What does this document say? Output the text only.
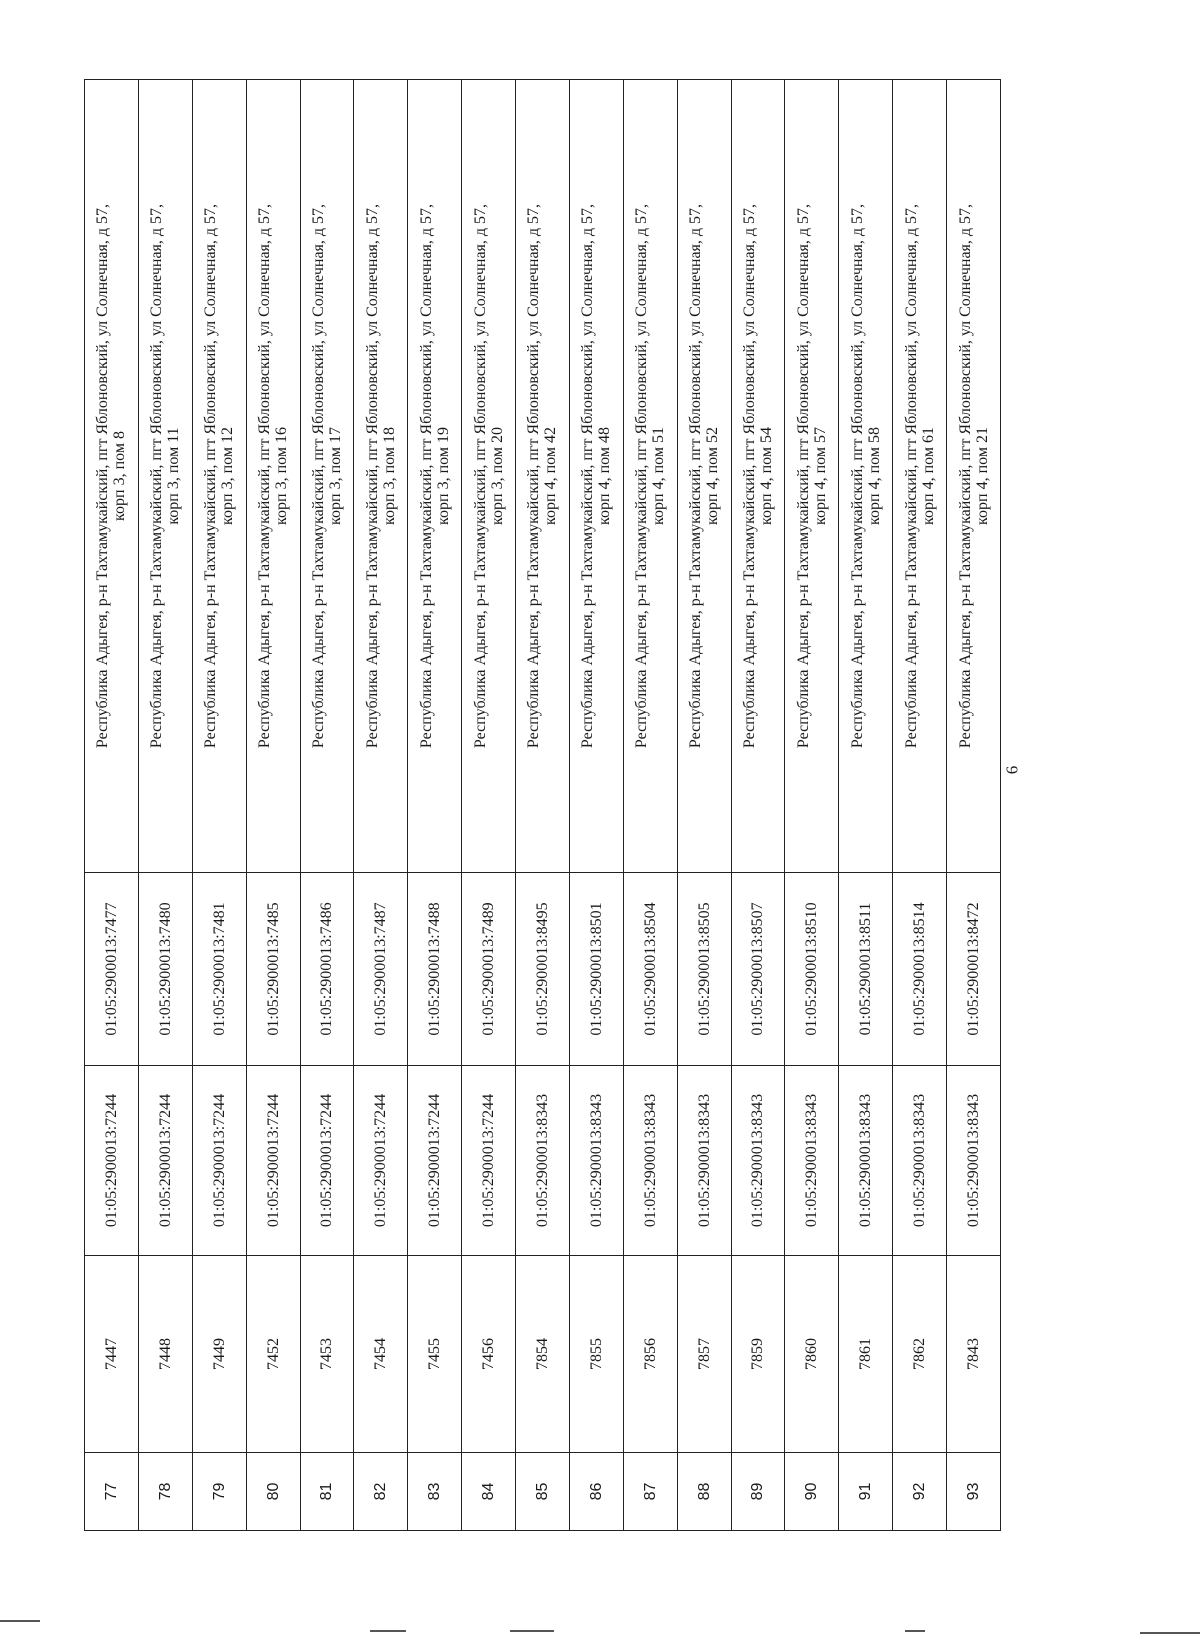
77	7447	01:05:2900013:7244	01:05:2900013:7477	Республика Адыгея, р-н Тахтамукайский, пгт Яблоновский, ул Солнечная, д 57, корп 3, пом 8

78	7448	01:05:2900013:7244	01:05:2900013:7480	Республика Адыгея, р-н Тахтамукайский, пгт Яблоновский, ул Солнечная, д 57, корп 3, пом 11

79	7449	01:05:2900013:7244	01:05:2900013:7481	Республика Адыгея, р-н Тахтамукайский, пгт Яблоновский, ул Солнечная, д 57, корп 3, пом 12

80	7452	01:05:2900013:7244	01:05:2900013:7485	Республика Адыгея, р-н Тахтамукайский, пгт Яблоновский, ул Солнечная, д 57, корп 3, пом 16

81	7453	01:05:2900013:7244	01:05:2900013:7486	Республика Адыгея, р-н Тахтамукайский, пгт Яблоновский, ул Солнечная, д 57, корп 3, пом 17

82	7454	01:05:2900013:7244	01:05:2900013:7487	Республика Адыгея, р-н Тахтамукайский, пгт Яблоновский, ул Солнечная, д 57, корп 3, пом 18

83	7455	01:05:2900013:7244	01:05:2900013:7488	Республика Адыгея, р-н Тахтамукайский, пгт Яблоновский, ул Солнечная, д 57, корп 3, пом 19

84	7456	01:05:2900013:7244	01:05:2900013:7489	Республика Адыгея, р-н Тахтамукайский, пгт Яблоновский, ул Солнечная, д 57, корп 3, пом 20

85	7854	01:05:2900013:8343	01:05:2900013:8495	Республика Адыгея, р-н Тахтамукайский, пгт Яблоновский, ул Солнечная, д 57, корп 4, пом 42

86	7855	01:05:2900013:8343	01:05:2900013:8501	Республика Адыгея, р-н Тахтамукайский, пгт Яблоновский, ул Солнечная, д 57, корп 4, пом 48

87	7856	01:05:2900013:8343	01:05:2900013:8504	Республика Адыгея, р-н Тахтамукайский, пгт Яблоновский, ул Солнечная, д 57, корп 4, пом 51

88	7857	01:05:2900013:8343	01:05:2900013:8505	Республика Адыгея, р-н Тахтамукайский, пгт Яблоновский, ул Солнечная, д 57, корп 4, пом 52

89	7859	01:05:2900013:8343	01:05:2900013:8507	Республика Адыгея, р-н Тахтамукайский, пгт Яблоновский, ул Солнечная, д 57, корп 4, пом 54

90	7860	01:05:2900013:8343	01:05:2900013:8510	Республика Адыгея, р-н Тахтамукайский, пгт Яблоновский, ул Солнечная, д 57, корп 4, пом 57

91	7861	01:05:2900013:8343	01:05:2900013:8511	Республика Адыгея, р-н Тахтамукайский, пгт Яблоновский, ул Солнечная, д 57, корп 4, пом 58

92	7862	01:05:2900013:8343	01:05:2900013:8514	Республика Адыгея, р-н Тахтамукайский, пгт Яблоновский, ул Солнечная, д 57, корп 4, пом 61

93	7843	01:05:2900013:8343	01:05:2900013:8472	Республика Адыгея, р-н Тахтамукайский, пгт Яблоновский, ул Солнечная, д 57, корп 4, пом 21
6
